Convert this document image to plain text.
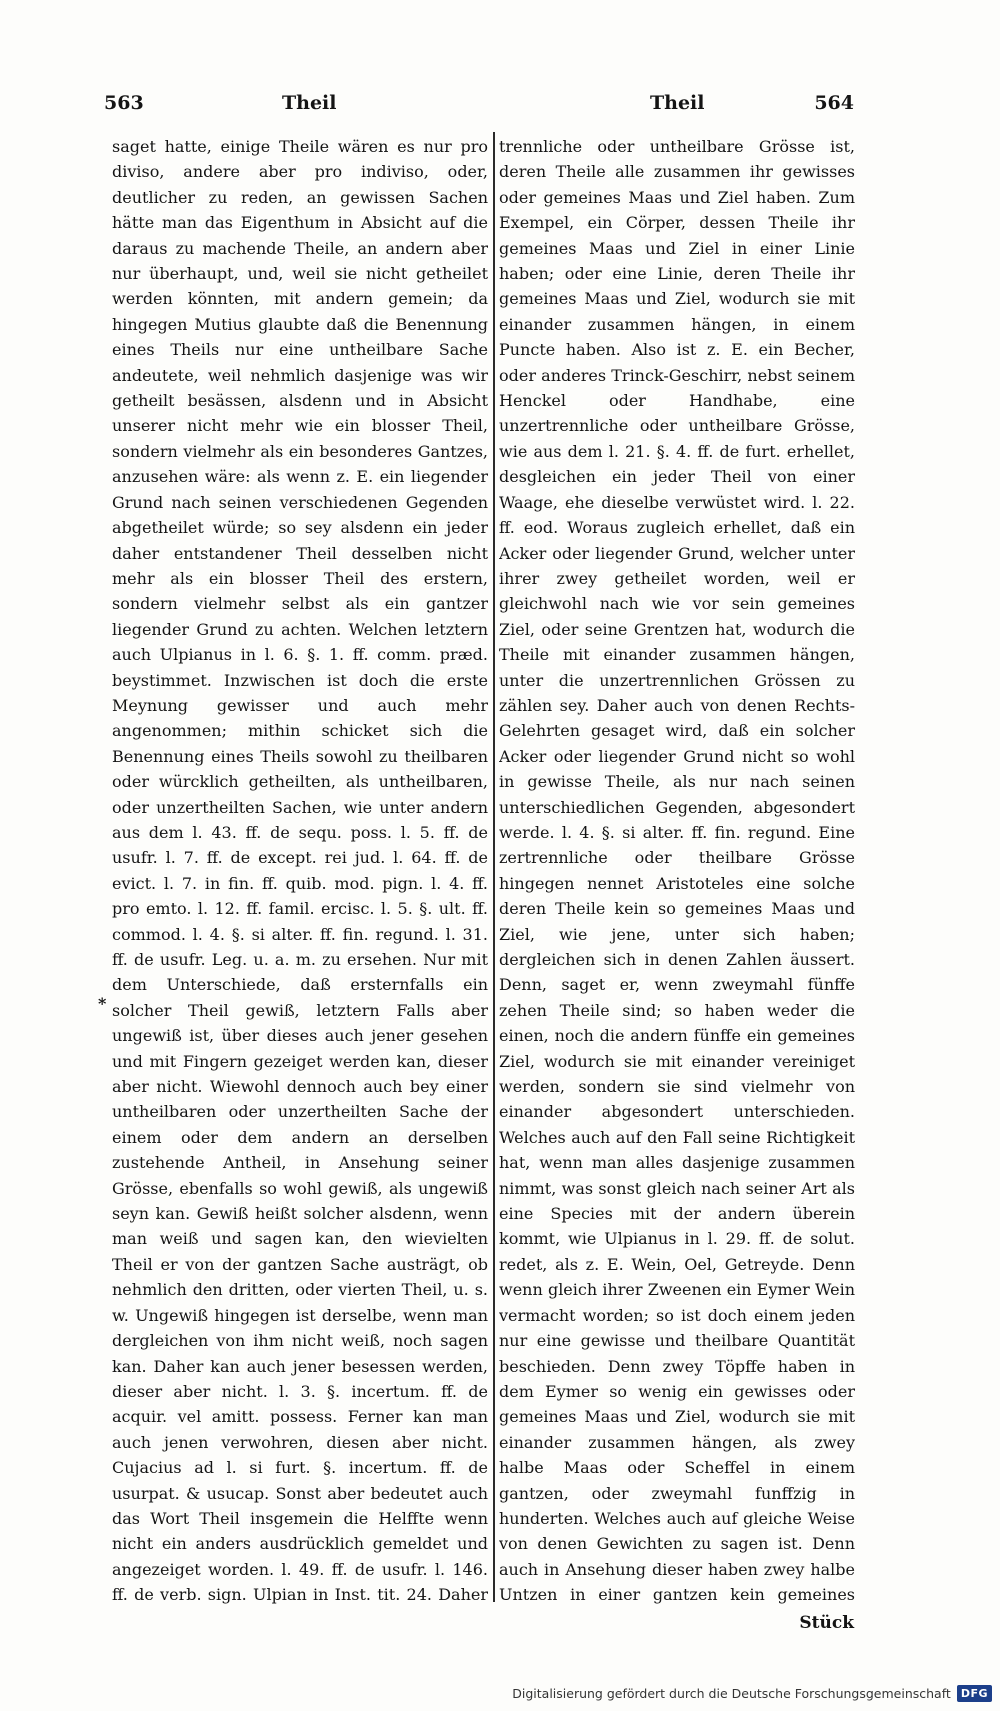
563	Theil	Theil	564

saget hatte, einige Theile wären es nur pro diviso, andere aber pro indiviso, oder, deutlicher zu reden, an gewissen Sachen hätte man das Eigenthum in Absicht auf die daraus zu machende Theile, an andern aber nur überhaupt, und, weil sie nicht getheilet werden könnten, mit andern gemein; da hingegen Mutius glaubte daß die Benennung eines Theils nur eine untheilbare Sache andeutete, weil nehmlich dasjenige was wir getheilt besässen, alsdenn und in Absicht unserer nicht mehr wie ein blosser Theil, sondern vielmehr als ein besonderes Gantzes, anzusehen wäre: als wenn z. E. ein liegender Grund nach seinen verschiedenen Gegenden abgetheilet würde; so sey alsdenn ein jeder daher entstandener Theil desselben nicht mehr als ein blosser Theil des erstern, sondern vielmehr selbst als ein gantzer liegender Grund zu achten. Welchen letztern auch Ulpianus in l. 6. §. 1. ff. comm. præd. beystimmet. Inzwischen ist doch die erste Meynung gewisser und auch mehr angenommen; mithin schicket sich die Benennung eines Theils sowohl zu theilbaren oder würcklich getheilten, als untheilbaren, oder unzertheilten Sachen, wie unter andern aus dem l. 43. ff. de sequ. poss. l. 5. ff. de usufr. l. 7. ff. de except. rei jud. l. 64. ff. de evict. l. 7. in fin. ff. quib. mod. pign. l. 4. ff. pro emto. l. 12. ff. famil. ercisc. l. 5. §. ult. ff. commod. l. 4. §. si alter. ff. fin. regund. l. 31. ff. de usufr. Leg. u. a. m. zu ersehen. Nur mit dem Unterschiede, daß ersternfalls ein solcher Theil gewiß, letztern Falls aber ungewiß ist, über dieses auch jener gesehen und mit Fingern gezeiget werden kan, dieser aber nicht. Wiewohl dennoch auch bey einer untheilbaren oder unzertheilten Sache der einem oder dem andern an derselben zustehende Antheil, in Ansehung seiner Grösse, ebenfalls so wohl gewiß, als ungewiß seyn kan. Gewiß heißt solcher alsdenn, wenn man weiß und sagen kan, den wievielten Theil er von der gantzen Sache austrägt, ob nehmlich den dritten, oder vierten Theil, u. s. w. Ungewiß hingegen ist derselbe, wenn man dergleichen von ihm nicht weiß, noch sagen kan. Daher kan auch jener besessen werden, dieser aber nicht. l. 3. §. incertum. ff. de acquir. vel amitt. possess. Ferner kan man auch jenen verwohren, diesen aber nicht. Cujacius ad l. si furt. §. incertum. ff. de usurpat. & usucap. Sonst aber bedeutet auch das Wort Theil insgemein die Helffte wenn nicht ein anders ausdrücklich gemeldet und angezeiget worden. l. 49. ff. de usufr. l. 146. ff. de verb. sign. Ulpian in Inst. tit. 24. Daher

trennliche oder untheilbare Grösse ist, deren Theile alle zusammen ihr gewisses oder gemeines Maas und Ziel haben. Zum Exempel, ein Cörper, dessen Theile ihr gemeines Maas und Ziel in einer Linie haben; oder eine Linie, deren Theile ihr gemeines Maas und Ziel, wodurch sie mit einander zusammen hängen, in einem Puncte haben. Also ist z. E. ein Becher, oder anderes Trinck-Geschirr, nebst seinem Henckel oder Handhabe, eine unzertrennliche oder untheilbare Grösse, wie aus dem l. 21. §. 4. ff. de furt. erhellet, desgleichen ein jeder Theil von einer Waage, ehe dieselbe verwüstet wird. l. 22. ff. eod. Woraus zugleich erhellet, daß ein Acker oder liegender Grund, welcher unter ihrer zwey getheilet worden, weil er gleichwohl nach wie vor sein gemeines Ziel, oder seine Grentzen hat, wodurch die Theile mit einander zusammen hängen, unter die unzertrennlichen Grössen zu zählen sey. Daher auch von denen Rechts-Gelehrten gesaget wird, daß ein solcher Acker oder liegender Grund nicht so wohl in gewisse Theile, als nur nach seinen unterschiedlichen Gegenden, abgesondert werde. l. 4. §. si alter. ff. fin. regund. Eine zertrennliche oder theilbare Grösse hingegen nennet Aristoteles eine solche deren Theile kein so gemeines Maas und Ziel, wie jene, unter sich haben; dergleichen sich in denen Zahlen äussert. Denn, saget er, wenn zweymahl fünffe zehen Theile sind; so haben weder die einen, noch die andern fünffe ein gemeines Ziel, wodurch sie mit einander vereiniget werden, sondern sie sind vielmehr von einander abgesondert unterschieden. Welches auch auf den Fall seine Richtigkeit hat, wenn man alles dasjenige zusammen nimmt, was sonst gleich nach seiner Art als eine Species mit der andern überein kommt, wie Ulpianus in l. 29. ff. de solut. redet, als z. E. Wein, Oel, Getreyde. Denn wenn gleich ihrer Zweenen ein Eymer Wein vermacht worden; so ist doch einem jeden nur eine gewisse und theilbare Quantität beschieden. Denn zwey Töpffe haben in dem Eymer so wenig ein gewisses oder gemeines Maas und Ziel, wodurch sie mit einander zusammen hängen, als zwey halbe Maas oder Scheffel in einem gantzen, oder zweymahl funffzig in hunderten. Welches auch auf gleiche Weise von denen Gewichten zu sagen ist. Denn auch in Ansehung dieser haben zwey halbe Untzen in einer gantzen kein gemeines

*
Stück
Digitalisierung gefördert durch die Deutsche Forschungsgemeinschaft DFG
